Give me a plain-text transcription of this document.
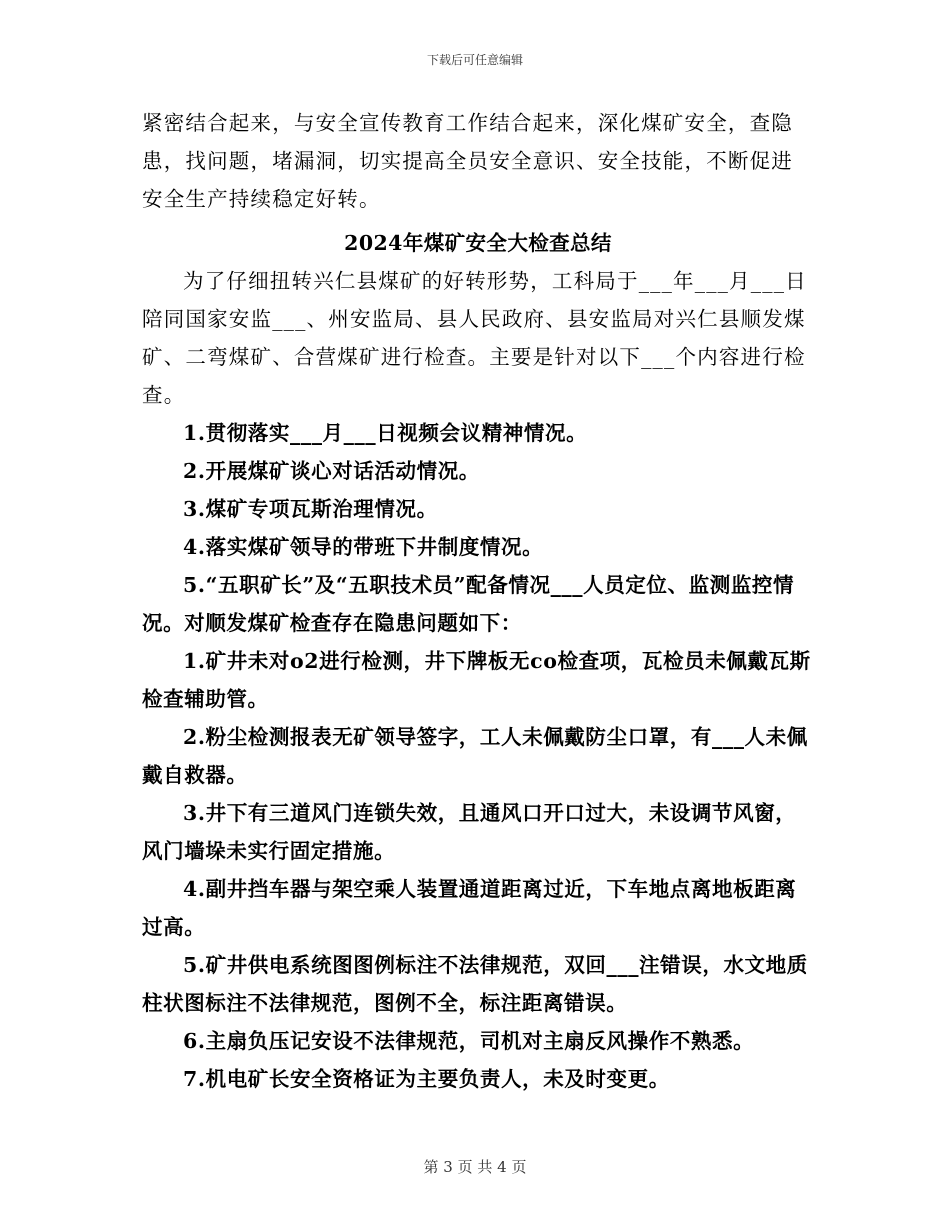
下载后可任意编辑

紧密结合起来，与安全宣传教育工作结合起来，深化煤矿安全，查隐患，找问题，堵漏洞，切实提高全员安全意识、安全技能，不断促进安全生产持续稳定好转。

2024年煤矿安全大检查总结

为了仔细扭转兴仁县煤矿的好转形势，工科局于___年___月___日陪同国家安监___、州安监局、县人民政府、县安监局对兴仁县顺发煤矿、二弯煤矿、合营煤矿进行检查。主要是针对以下___个内容进行检查。

1.贯彻落实___月___日视频会议精神情况。

2.开展煤矿谈心对话活动情况。

3.煤矿专项瓦斯治理情况。

4.落实煤矿领导的带班下井制度情况。

5.“五职矿长”及“五职技术员”配备情况___人员定位、监测监控情况。对顺发煤矿检查存在隐患问题如下：

1.矿井未对o2进行检测，井下牌板无co检查项，瓦检员未佩戴瓦斯检查辅助管。

2.粉尘检测报表无矿领导签字，工人未佩戴防尘口罩，有___人未佩戴自救器。

3.井下有三道风门连锁失效，且通风口开口过大，未设调节风窗，风门墙垛未实行固定措施。

4.副井挡车器与架空乘人装置通道距离过近，下车地点离地板距离过高。

5.矿井供电系统图图例标注不法律规范，双回___注错误，水文地质柱状图标注不法律规范，图例不全，标注距离错误。

6.主扇负压记安设不法律规范，司机对主扇反风操作不熟悉。

7.机电矿长安全资格证为主要负责人，未及时变更。

第 3 页 共 4 页
